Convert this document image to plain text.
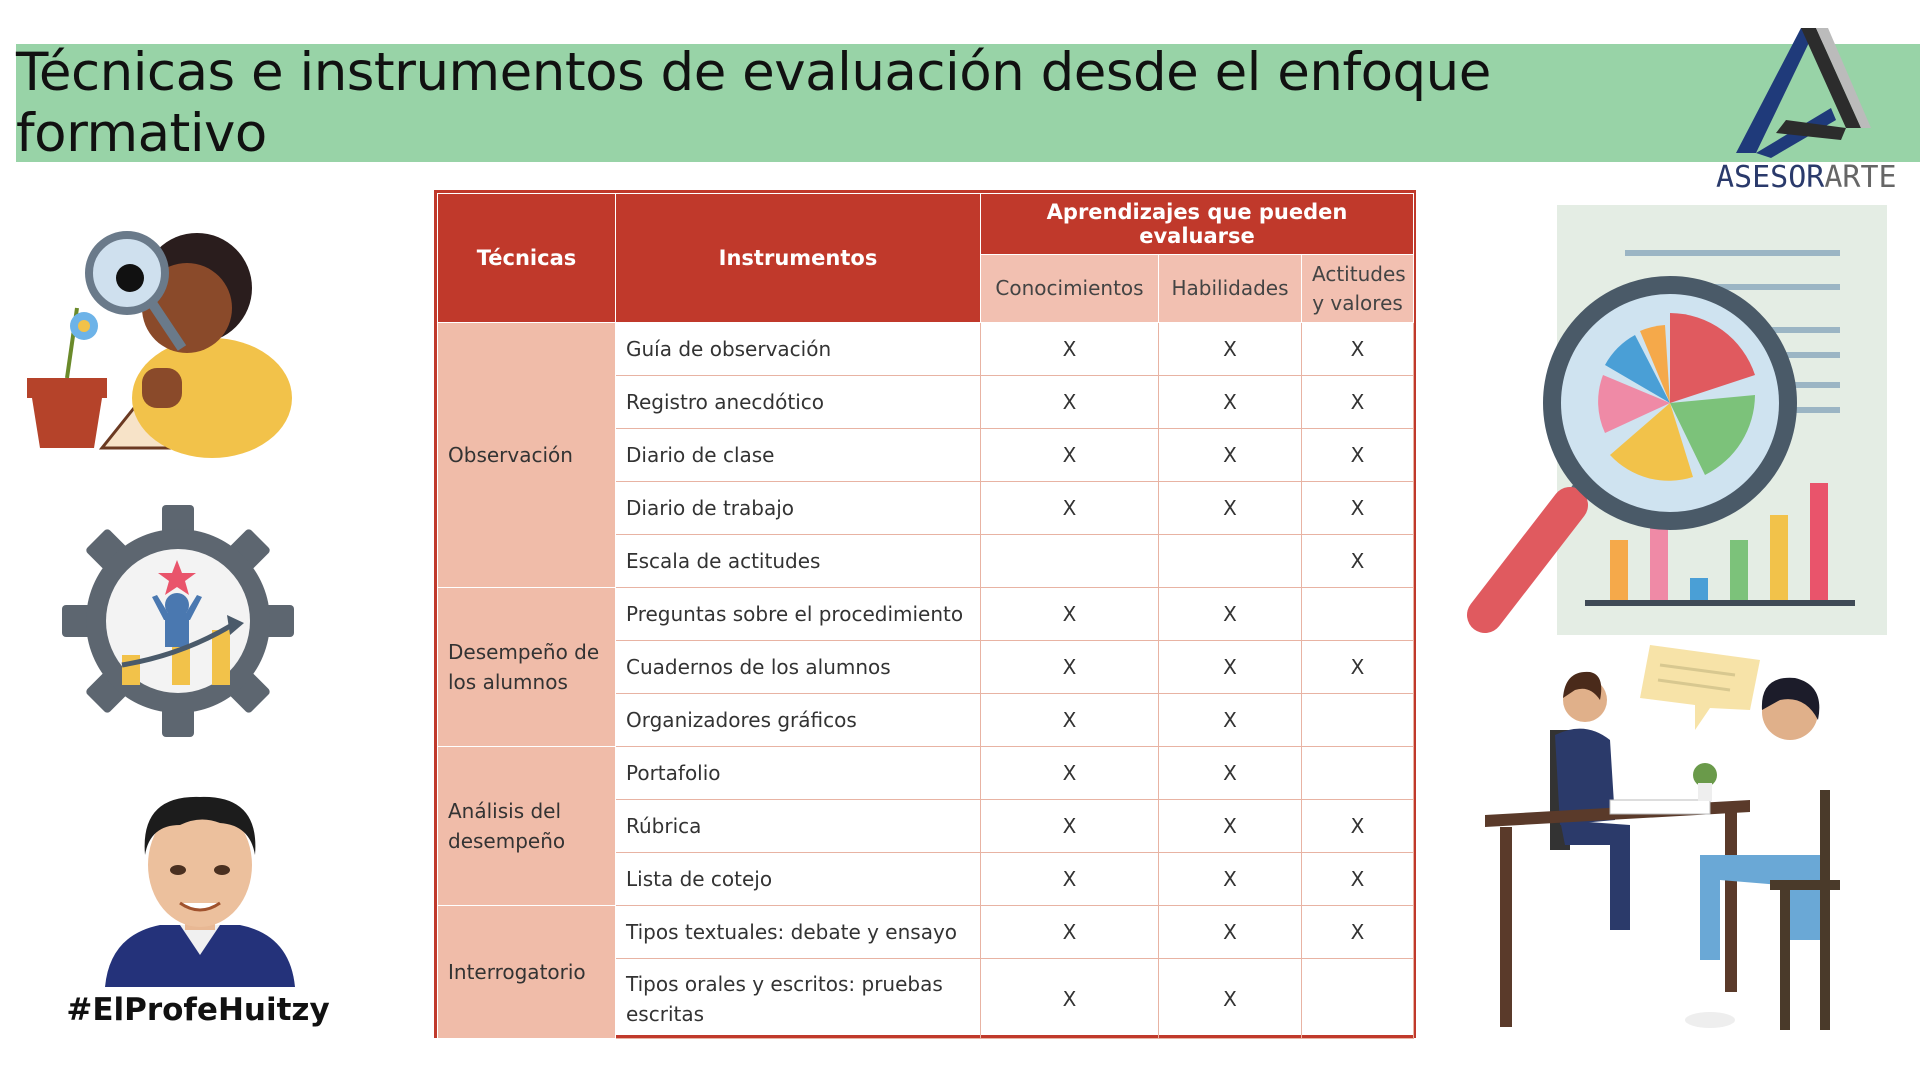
Técnicas e instrumentos de evaluación desde el enfoque formativo
ASESORARTE
Técnicas	Instrumentos	Aprendizajes que pueden evaluarse		
		Conocimientos	Habilidades	Actitudes y valores
Observación	Guía de observación	X	X	X
	Registro anecdótico	X	X	X
	Diario de clase	X	X	X
	Diario de trabajo	X	X	X
	Escala de actitudes			X
Desempeño de los alumnos	Preguntas sobre el procedimiento	X	X	
	Cuadernos de los alumnos	X	X	X
	Organizadores gráficos	X	X	
Análisis del desempeño	Portafolio	X	X	
	Rúbrica	X	X	X
	Lista de cotejo	X	X	X
Interrogatorio	Tipos textuales: debate y ensayo	X	X	X
	Tipos orales y escritos: pruebas escritas	X	X	
#ElProfeHuitzy
